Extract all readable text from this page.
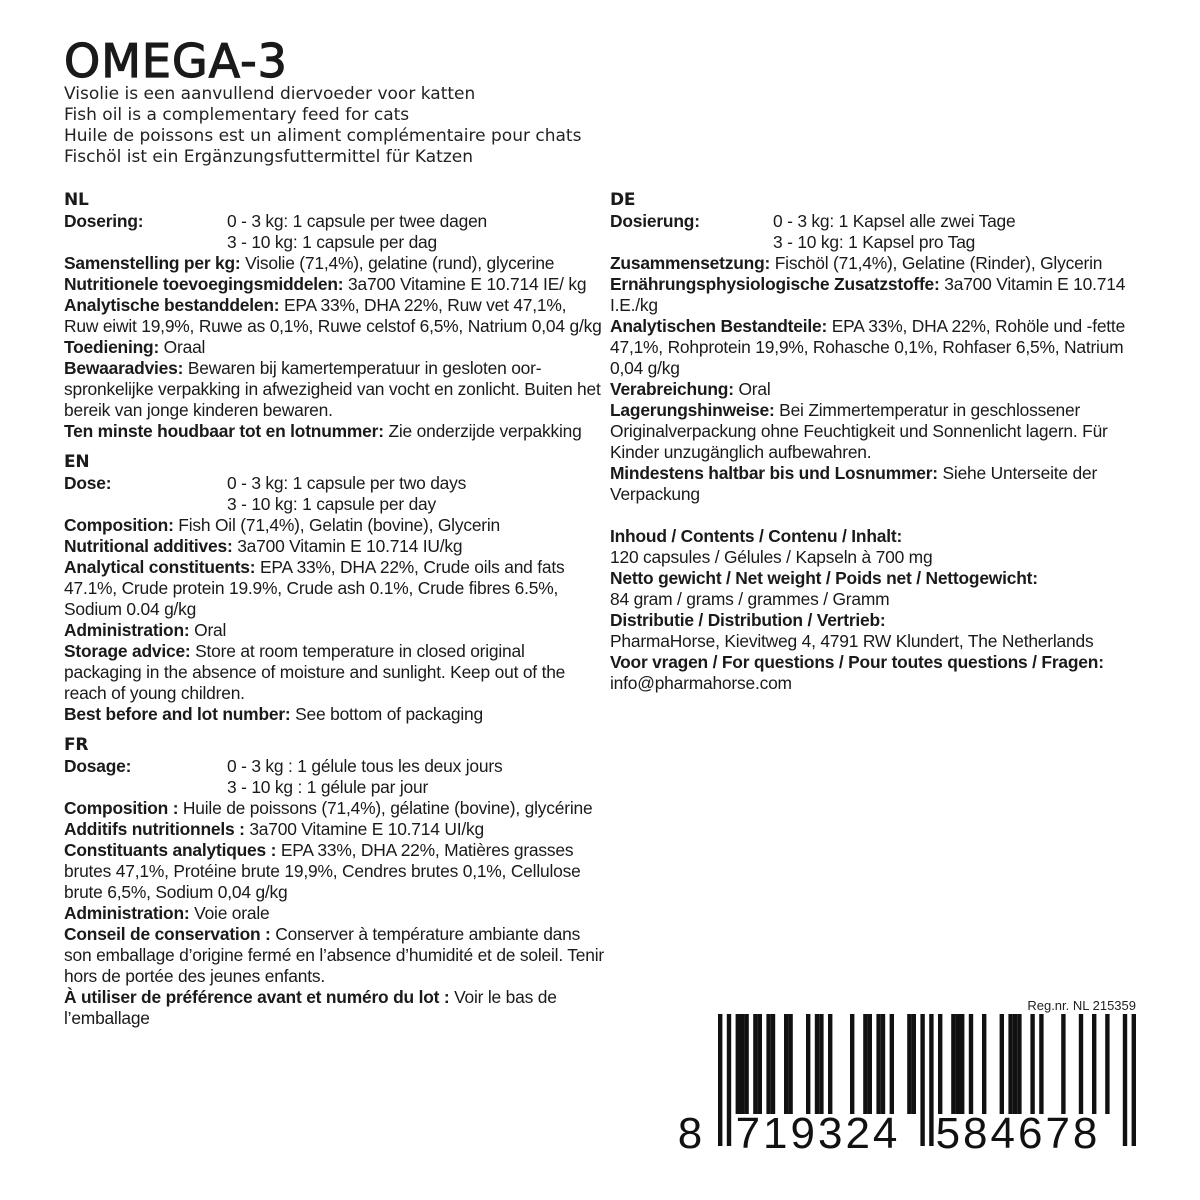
OMEGA-3
Visolie is een aanvullend diervoeder voor katten
Fish oil is a complementary feed for cats
Huile de poissons est un aliment complémentaire pour chats
Fischöl ist ein Ergänzungsfuttermittel für Katzen
NL
Dosering:	0 - 3 kg: 1 capsule per twee dagen
3 - 10 kg: 1 capsule per dag

Samenstelling per kg: Visolie (71,4%), gelatine (rund), glycerine

Nutritionele toevoegingsmiddelen: 3a700 Vitamine E 10.714 IE/ kg

Analytische bestanddelen: EPA 33%, DHA 22%, Ruw vet 47,1%, Ruw eiwit 19,9%, Ruwe as 0,1%, Ruwe celstof 6,5%, Natrium 0,04 g/kg

Toediening: Oraal

Bewaaradvies: Bewaren bij kamertemperatuur in gesloten oor- spronkelijke verpakking in afwezigheid van vocht en zonlicht. Buiten het bereik van jonge kinderen bewaren.

Ten minste houdbaar tot en lotnummer: Zie onderzijde verpakking

EN
Dose:	0 - 3 kg: 1 capsule per two days
3 - 10 kg: 1 capsule per day

Composition: Fish Oil (71,4%), Gelatin (bovine), Glycerin

Nutritional additives: 3a700 Vitamin E 10.714 IU/kg

Analytical constituents: EPA 33%, DHA 22%, Crude oils and fats 47.1%, Crude protein 19.9%, Crude ash 0.1%, Crude fibres 6.5%, Sodium 0.04 g/kg

Administration: Oral

Storage advice: Store at room temperature in closed original packaging in the absence of moisture and sunlight. Keep out of the reach of young children.

Best before and lot number: See bottom of packaging

FR
Dosage:	0 - 3 kg : 1 gélule tous les deux jours
3 - 10 kg : 1 gélule par jour

Composition : Huile de poissons (71,4%), gélatine (bovine), glycérine

Additifs nutritionnels : 3a700 Vitamine E 10.714 UI/kg

Constituants analytiques : EPA 33%, DHA 22%, Matières grasses brutes 47,1%, Protéine brute 19,9%, Cendres brutes 0,1%, Cellulose brute 6,5%, Sodium 0,04 g/kg

Administration: Voie orale

Conseil de conservation : Conserver à température ambiante dans son emballage d’origine fermé en l’absence d’humidité et de soleil. Tenir hors de portée des jeunes enfants.

À utiliser de préférence avant et numéro du lot : Voir le bas de l’emballage

DE
Dosierung:	0 - 3 kg: 1 Kapsel alle zwei Tage
3 - 10 kg: 1 Kapsel pro Tag

Zusammensetzung: Fischöl (71,4%), Gelatine (Rinder), Glycerin

Ernährungsphysiologische Zusatzstoffe: 3a700 Vitamin E 10.714 I.E./kg

Analytischen Bestandteile: EPA 33%, DHA 22%, Rohöle und -fette 47,1%, Rohprotein 19,9%, Rohasche 0,1%, Rohfaser 6,5%, Natrium 0,04 g/kg

Verabreichung: Oral

Lagerungshinweise: Bei Zimmertemperatur in geschlossener Originalverpackung ohne Feuchtigkeit und Sonnenlicht lagern. Für Kinder unzugänglich aufbewahren.

Mindestens haltbar bis und Losnummer: Siehe Unterseite der Verpackung

Inhoud / Contents / Contenu / Inhalt:
120 capsules / Gélules / Kapseln à 700 mg
Netto gewicht / Net weight / Poids net / Nettogewicht:
84 gram / grams / grammes / Gramm
Distributie / Distribution / Vertrieb:
PharmaHorse, Kievitweg 4, 4791 RW Klundert, The Netherlands
Voor vragen / For questions / Pour toutes questions / Fragen:
info@pharmahorse.com
Reg.nr. NL 215359
8 719324 584678
